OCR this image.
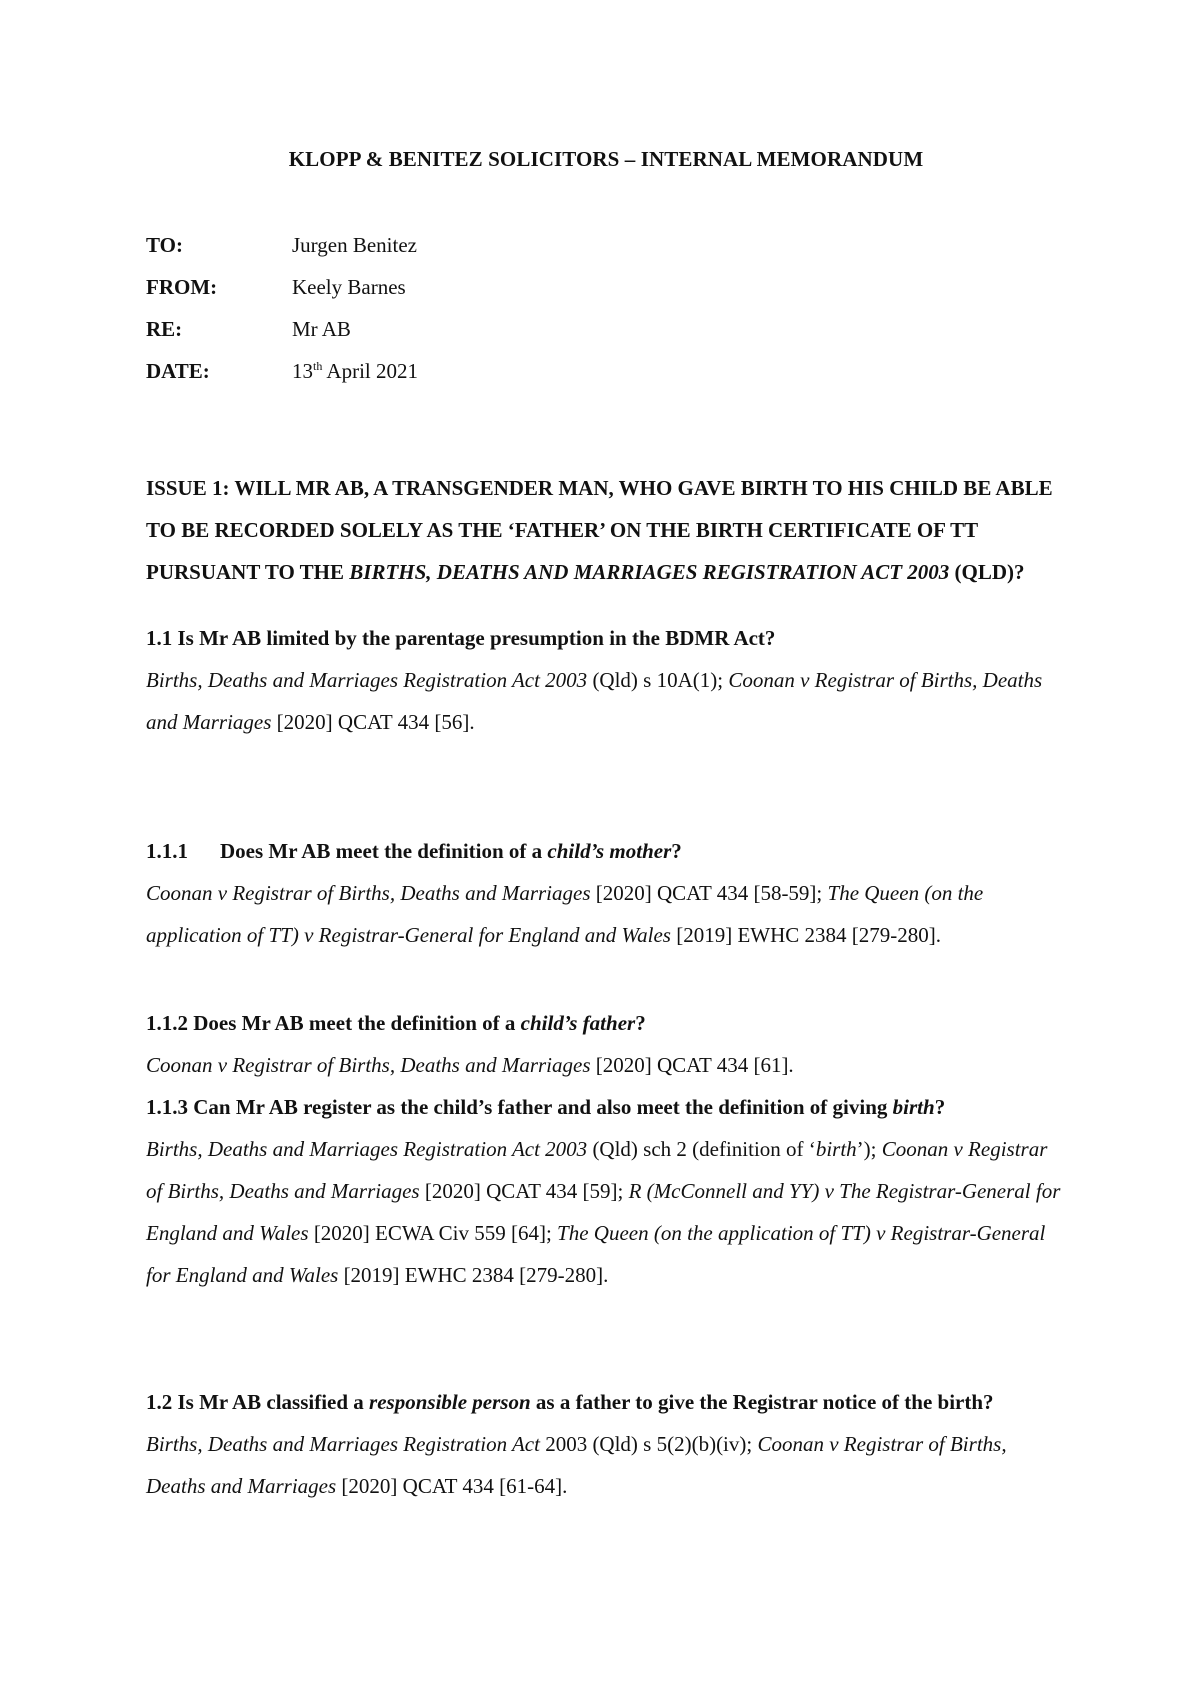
KLOPP & BENITEZ SOLICITORS – INTERNAL MEMORANDUM
TO:	Jurgen Benitez
FROM:	Keely Barnes
RE:	Mr AB
DATE:	13th April 2021
ISSUE 1: WILL MR AB, A TRANSGENDER MAN, WHO GAVE BIRTH TO HIS CHILD BE ABLE TO BE RECORDED SOLELY AS THE ‘FATHER’ ON THE BIRTH CERTIFICATE OF TT PURSUANT TO THE BIRTHS, DEATHS AND MARRIAGES REGISTRATION ACT 2003 (QLD)?
1.1 Is Mr AB limited by the parentage presumption in the BDMR Act?
Births, Deaths and Marriages Registration Act 2003 (Qld) s 10A(1); Coonan v Registrar of Births, Deaths and Marriages [2020] QCAT 434 [56].
1.1.1 Does Mr AB meet the definition of a child’s mother?
Coonan v Registrar of Births, Deaths and Marriages [2020] QCAT 434 [58-59]; The Queen (on the application of TT) v Registrar-General for England and Wales [2019] EWHC 2384 [279-280].
1.1.2 Does Mr AB meet the definition of a child’s father?
Coonan v Registrar of Births, Deaths and Marriages [2020] QCAT 434 [61].
1.1.3 Can Mr AB register as the child’s father and also meet the definition of giving birth?
Births, Deaths and Marriages Registration Act 2003 (Qld) sch 2 (definition of ‘birth’); Coonan v Registrar of Births, Deaths and Marriages [2020] QCAT 434 [59]; R (McConnell and YY) v The Registrar-General for England and Wales [2020] ECWA Civ 559 [64]; The Queen (on the application of TT) v Registrar-General for England and Wales [2019] EWHC 2384 [279-280].
1.2 Is Mr AB classified a responsible person as a father to give the Registrar notice of the birth?
Births, Deaths and Marriages Registration Act 2003 (Qld) s 5(2)(b)(iv); Coonan v Registrar of Births, Deaths and Marriages [2020] QCAT 434 [61-64].
